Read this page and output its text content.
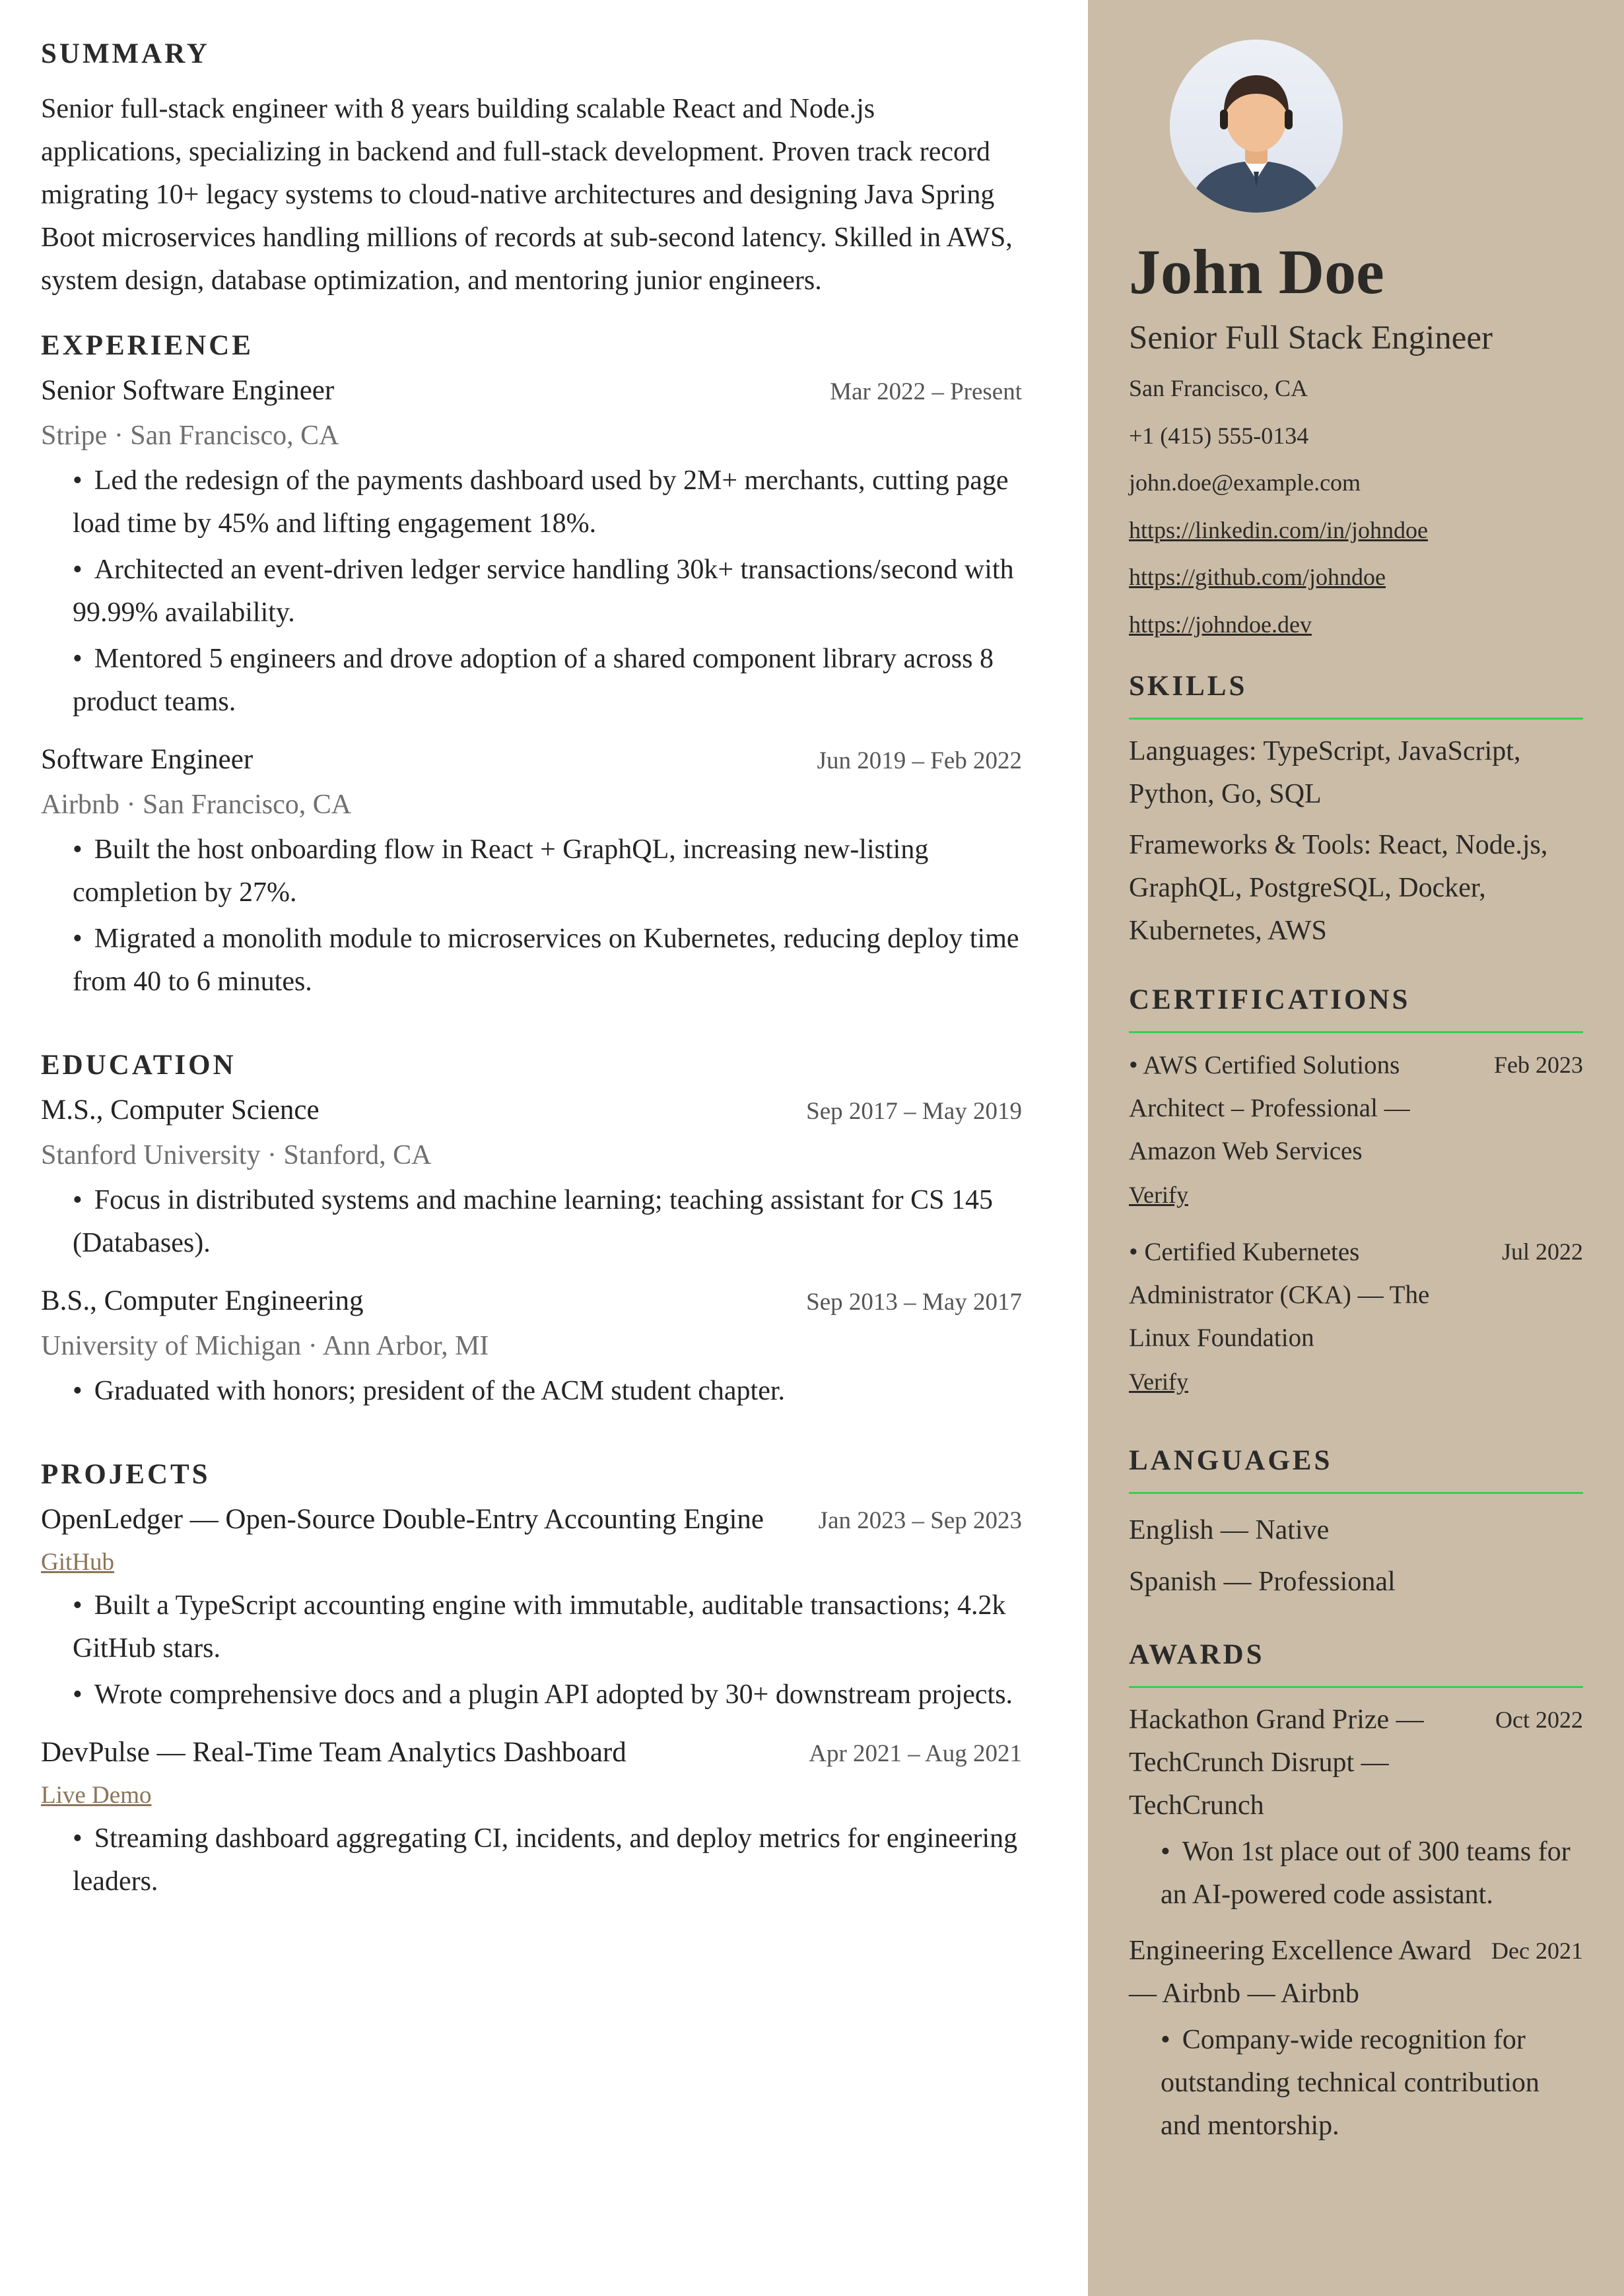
SUMMARY

Senior full-stack engineer with 8 years building scalable React and Node.js applications, specializing in backend and full-stack development. Proven track record migrating 10+ legacy systems to cloud-native architectures and designing Java Spring Boot microservices handling millions of records at sub-second latency. Skilled in AWS, system design, database optimization, and mentoring junior engineers.

EXPERIENCE
Senior Software Engineer	Mar 2022 – Present
Stripe · San Francisco, CA
• Led the redesign of the payments dashboard used by 2M+ merchants, cutting page load time by 45% and lifting engagement 18%.
• Architected an event-driven ledger service handling 30k+ transactions/second with 99.99% availability.
• Mentored 5 engineers and drove adoption of a shared component library across 8 product teams.
Software Engineer	Jun 2019 – Feb 2022
Airbnb · San Francisco, CA
• Built the host onboarding flow in React + GraphQL, increasing new-listing completion by 27%.
• Migrated a monolith module to microservices on Kubernetes, reducing deploy time from 40 to 6 minutes.
EDUCATION
M.S., Computer Science	Sep 2017 – May 2019
Stanford University · Stanford, CA
• Focus in distributed systems and machine learning; teaching assistant for CS 145 (Databases).
B.S., Computer Engineering	Sep 2013 – May 2017
University of Michigan · Ann Arbor, MI
• Graduated with honors; president of the ACM student chapter.
PROJECTS
OpenLedger — Open-Source Double-Entry Accounting Engine Jan 2023 – Sep 2023
GitHub
• Built a TypeScript accounting engine with immutable, auditable transactions; 4.2k GitHub stars.
• Wrote comprehensive docs and a plugin API adopted by 30+ downstream projects.
DevPulse — Real-Time Team Analytics Dashboard	Apr 2021 – Aug 2021
Live Demo
• Streaming dashboard aggregating CI, incidents, and deploy metrics for engineering leaders.
John Doe
Senior Full Stack Engineer
San Francisco, CA
+1 (415) 555-0134
john.doe@example.com
https://linkedin.com/in/johndoe
https://github.com/johndoe
https://johndoe.dev
SKILLS
Languages: TypeScript, JavaScript, Python, Go, SQL
Frameworks & Tools: React, Node.js, GraphQL, PostgreSQL, Docker, Kubernetes, AWS
CERTIFICATIONS
• AWS Certified Solutions Architect – Professional — Amazon Web Services
Feb 2023
Verify
• Certified Kubernetes Administrator (CKA) — The Linux Foundation
Jul 2022
Verify
LANGUAGES
English — Native
Spanish — Professional
AWARDS
Hackathon Grand Prize — TechCrunch Disrupt — TechCrunch
Oct 2022
• Won 1st place out of 300 teams for an AI-powered code assistant.
Engineering Excellence Award — Airbnb — Airbnb
Dec 2021
• Company-wide recognition for outstanding technical contribution and mentorship.
